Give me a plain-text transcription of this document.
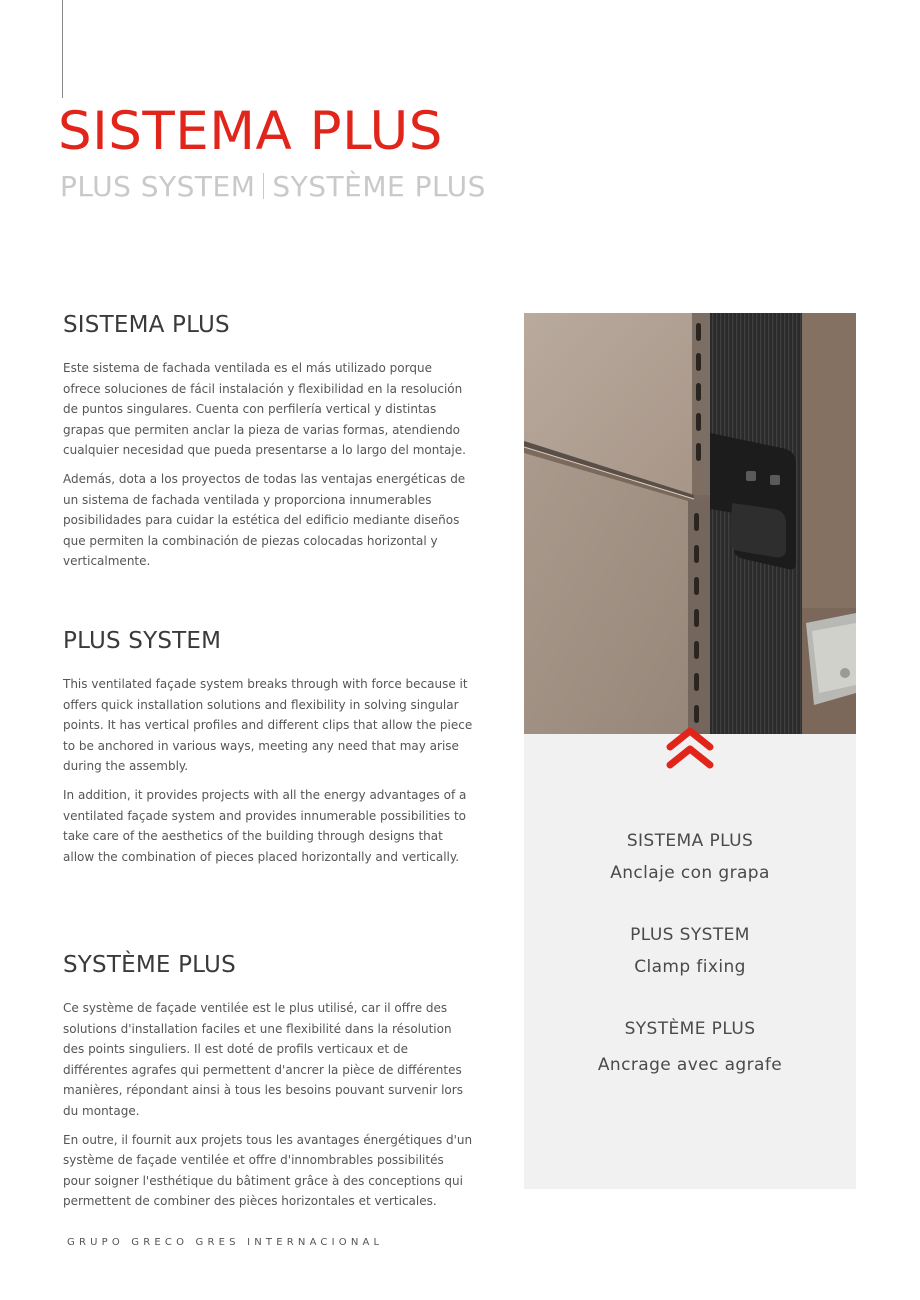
SISTEMA PLUS
PLUS SYSTEM SYSTÈME PLUS
SISTEMA PLUS

Este sistema de fachada ventilada es el más utilizado porque ofrece soluciones de fácil instalación y flexibilidad en la resolución de puntos singulares. Cuenta con perfilería vertical y distintas grapas que permiten anclar la pieza de varias formas, atendiendo cualquier necesidad que pueda presentarse a lo largo del montaje.

Además, dota a los proyectos de todas las ventajas energéticas de un sistema de fachada ventilada y proporciona innumerables posibilidades para cuidar la estética del edificio mediante diseños que permiten la combinación de piezas colocadas horizontal y verticalmente.

PLUS SYSTEM

This ventilated façade system breaks through with force because it offers quick installation solutions and flexibility in solving singular points. It has vertical profiles and different clips that allow the piece to be anchored in various ways, meeting any need that may arise during the assembly.

In addition, it provides projects with all the energy advantages of a ventilated façade system and provides innumerable possibilities to take care of the aesthetics of the building through designs that allow the combination of pieces placed horizontally and vertically.

SYSTÈME PLUS

Ce système de façade ventilée est le plus utilisé, car il offre des solutions d'installation faciles et une flexibilité dans la résolution des points singuliers. Il est doté de profils verticaux et de différentes agrafes qui permettent d'ancrer la pièce de différentes manières, répondant ainsi à tous les besoins pouvant survenir lors du montage.

En outre, il fournit aux projets tous les avantages énergétiques d'un système de façade ventilée et offre d'innombrables possibilités pour soigner l'esthétique du bâtiment grâce à des conceptions qui permettent de combiner des pièces horizontales et verticales.

SISTEMA PLUS
Anclaje con grapa
PLUS SYSTEM
Clamp fixing
SYSTÈME PLUS
Ancrage avec agrafe
GRUPO GRECO GRES INTERNACIONAL
